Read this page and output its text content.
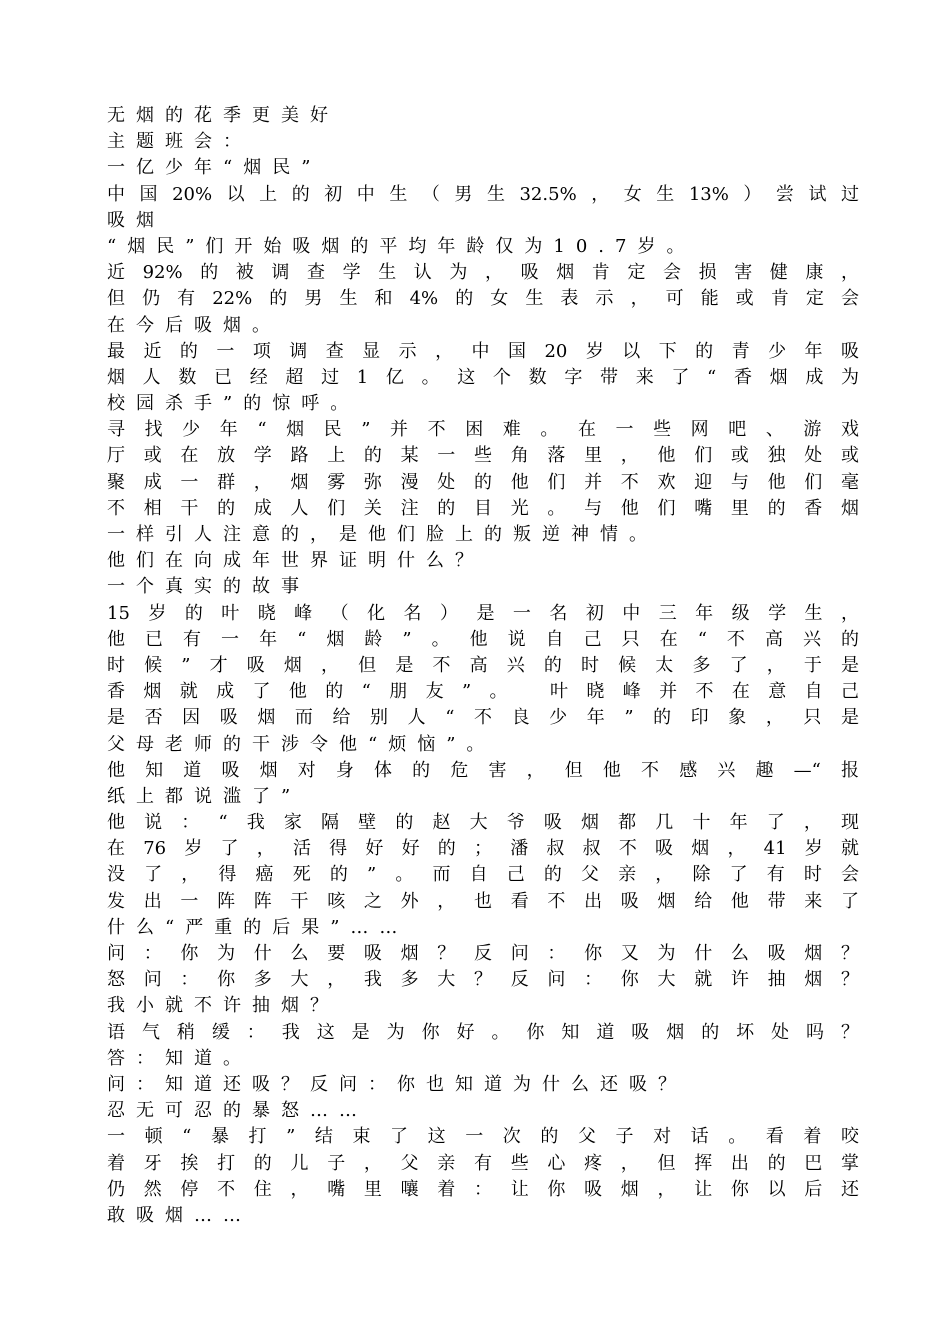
无烟的花季更美好
主题班会：
一亿少年“烟民”
中国20%以上的初中生（男生32.5%，女生13%）尝试过
吸烟
“烟民”们开始吸烟的平均年龄仅为10.7岁。
近92%的被调查学生认为，吸烟肯定会损害健康，
但仍有22%的男生和4%的女生表示，可能或肯定会
在今后吸烟。
最近的一项调查显示，中国20岁以下的青少年吸
烟人数已经超过1亿。这个数字带来了“香烟成为
校园杀手”的惊呼。
寻找少年“烟民”并不困难。在一些网吧、游戏
厅或在放学路上的某一些角落里，他们或独处或
聚成一群，烟雾弥漫处的他们并不欢迎与他们毫
不相干的成人们关注的目光。与他们嘴里的香烟
一样引人注意的，是他们脸上的叛逆神情。
他们在向成年世界证明什么？
一个真实的故事
15岁的叶晓峰（化名）是一名初中三年级学生，
他已有一年“烟龄”。他说自己只在“不高兴的
时候”才吸烟，但是不高兴的时候太多了，于是
香烟就成了他的“朋友”。 叶晓峰并不在意自己
是否因吸烟而给别人“不良少年”的印象，只是
父母老师的干涉令他“烦恼”。
他知道吸烟对身体的危害，但他不感兴趣—“报
纸上都说滥了”
他说：“我家隔壁的赵大爷吸烟都几十年了，现
在76岁了，活得好好的；潘叔叔不吸烟，41岁就
没了，得癌死的”。而自己的父亲，除了有时会
发出一阵阵干咳之外，也看不出吸烟给他带来了
什么“严重的后果”……
问：你为什么要吸烟？反问：你又为什么吸烟？
怒问：你多大，我多大？反问：你大就许抽烟？
我小就不许抽烟？
语气稍缓：我这是为你好。你知道吸烟的坏处吗？
答：知道。
问：知道还吸？反问：你也知道为什么还吸？
忍无可忍的暴怒……
一顿“暴打”结束了这一次的父子对话。看着咬
着牙挨打的儿子，父亲有些心疼，但挥出的巴掌
仍然停不住，嘴里嚷着：让你吸烟，让你以后还
敢吸烟……
